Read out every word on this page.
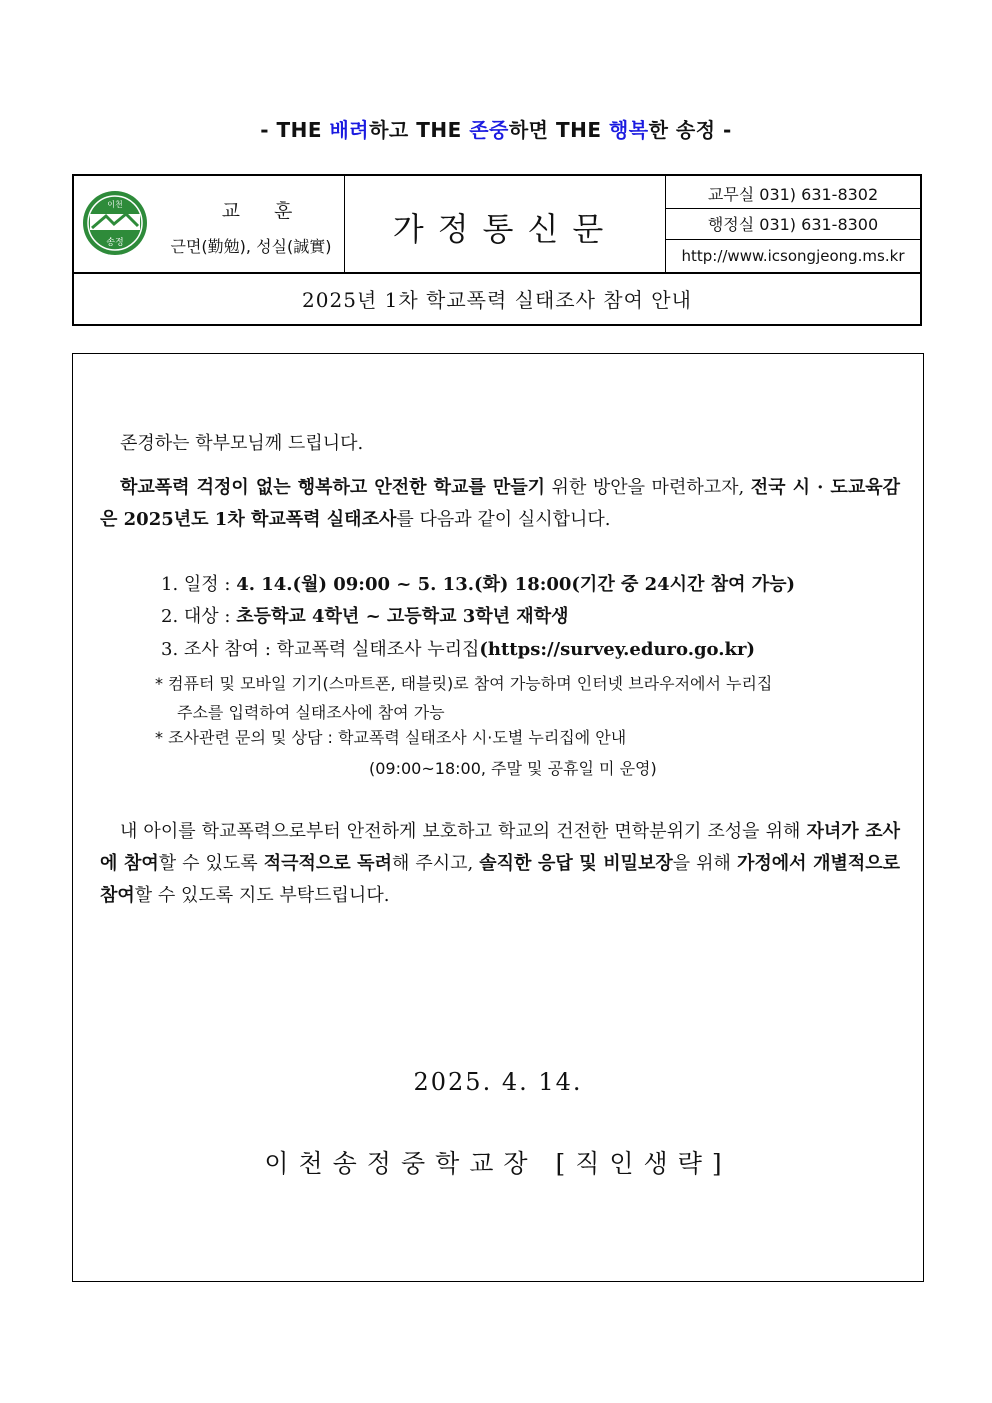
- THE 배려하고 THE 존중하면 THE 행복한 송정 -
이천
송정
교 훈
근면(勤勉), 성실(誠實)	가정통신문
교무실 031) 631-8302
행정실 031) 631-8300
http://www.icsongjeong.ms.kr
2025년 1차 학교폭력 실태조사 참여 안내
존경하는 학부모님께 드립니다.
학교폭력 걱정이 없는 행복하고 안전한 학교를 만들기 위한 방안을 마련하고자, 전국 시 · 도교육감은 2025년도 1차 학교폭력 실태조사를 다음과 같이 실시합니다.
1. 일정 : 4. 14.(월) 09:00 ~ 5. 13.(화) 18:00(기간 중 24시간 참여 가능)
2. 대상 : 초등학교 4학년 ~ 고등학교 3학년 재학생
3. 조사 참여 : 학교폭력 실태조사 누리집(https://survey.eduro.go.kr)
* 컴퓨터 및 모바일 기기(스마트폰, 태블릿)로 참여 가능하며 인터넷 브라우저에서 누리집
주소를 입력하여 실태조사에 참여 가능
* 조사관련 문의 및 상담 : 학교폭력 실태조사 시·도별 누리집에 안내
(09:00~18:00, 주말 및 공휴일 미 운영)
내 아이를 학교폭력으로부터 안전하게 보호하고 학교의 건전한 면학분위기 조성을 위해 자녀가 조사에 참여할 수 있도록 적극적으로 독려해 주시고, 솔직한 응답 및 비밀보장을 위해 가정에서 개별적으로 참여할 수 있도록 지도 부탁드립니다.
2025. 4. 14.
이천송정중학교장 [직인생략]
